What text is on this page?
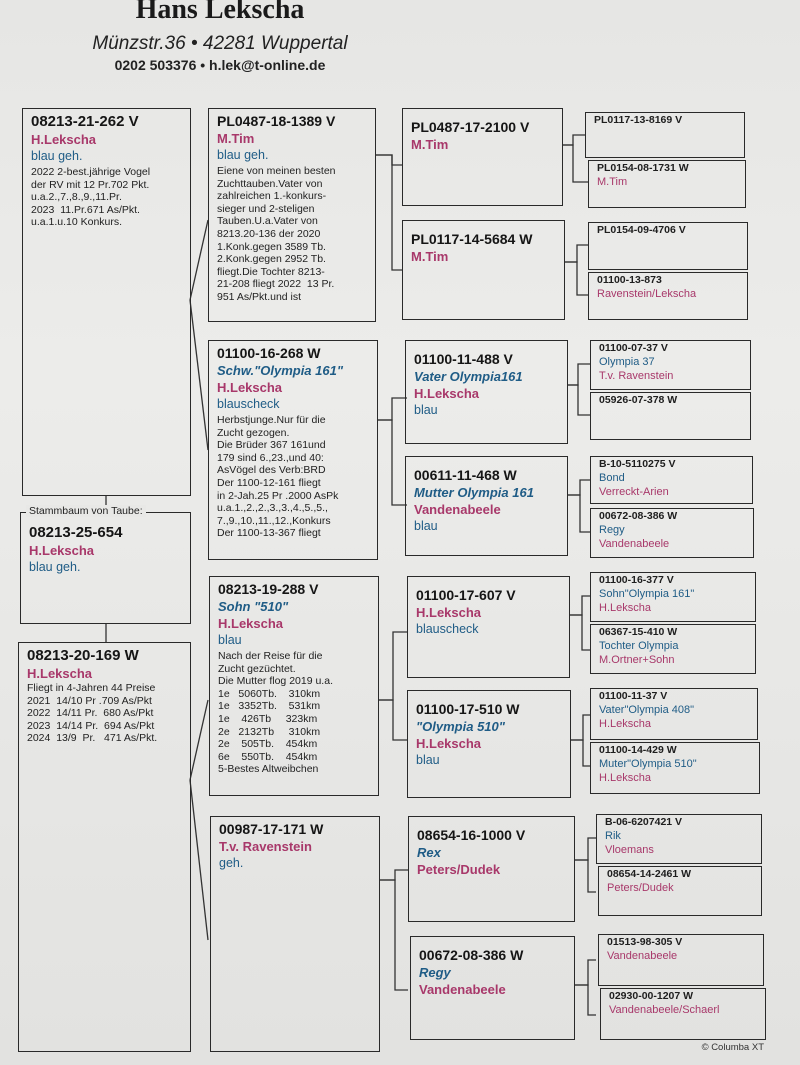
Hans Lekscha
Münzstr.36 • 42281 Wuppertal
0202 503376 • h.lek@t-online.de
08213-21-262 V
H.Lekscha
blau geh.
2022 2-best.jährige Vogel
der RV mit 12 Pr.702 Pkt.
u.a.2.,7.,8.,9.,11.Pr.
2023  11.Pr.671 As/Pkt.
u.a.1.u.10 Konkurs.
08213-25-654
H.Lekscha
blau geh.
Stammbaum von Taube:
08213-20-169 W
H.Lekscha
Fliegt in 4-Jahren 44 Preise
2021  14/10 Pr .709 As/Pkt
2022  14/11 Pr.  680 As/Pkt
2023  14/14 Pr.  694 As/Pkt
2024  13/9  Pr.   471 As/Pkt.
PL0487-18-1389 V
M.Tim
blau geh.
Eiene von meinen besten
Zuchttauben.Vater von
zahlreichen 1.-konkurs-
sieger und 2-steligen
Tauben.U.a.Vater von
8213.20-136 der 2020
1.Konk.gegen 3589 Tb.
2.Konk.gegen 2952 Tb.
fliegt.Die Tochter 8213-
21-208 fliegt 2022  13 Pr.
951 As/Pkt.und ist
01100-16-268 W
Schw."Olympia 161"
H.Lekscha
blauscheck
Herbstjunge.Nur für die
Zucht gezogen.
Die Brüder 367 161und
179 sind 6.,23.,und 40:
AsVögel des Verb:BRD
Der 1100-12-161 fliegt
in 2-Jah.25 Pr .2000 AsPk
u.a.1.,2.,2.,3.,3.,4.,5.,5.,
7.,9.,10.,11.,12.,Konkurs
Der 1100-13-367 fliegt
08213-19-288 V
Sohn "510"
H.Lekscha
blau
Nach der Reise für die
Zucht gezüchtet.
Die Mutter flog 2019 u.a.
1e   5060Tb.    310km
1e   3352Tb.    531km
1e    426Tb     323km
2e   2132Tb     310km
2e    505Tb.    454km
6e    550Tb.    454km
5-Bestes Altweibchen
00987-17-171 W
T.v. Ravenstein
geh.
PL0487-17-2100 V
M.Tim
PL0117-14-5684 W
M.Tim
01100-11-488 V
Vater Olympia161
H.Lekscha
blau
00611-11-468 W
Mutter Olympia 161
Vandenabeele
blau
01100-17-607 V
H.Lekscha
blauscheck
01100-17-510 W
"Olympia 510"
H.Lekscha
blau
08654-16-1000 V
Rex
Peters/Dudek
00672-08-386 W
Regy
Vandenabeele
PL0117-13-8169 V
PL0154-08-1731 W
M.Tim
PL0154-09-4706 V
01100-13-873
Ravenstein/Lekscha
01100-07-37 V
Olympia 37
T.v. Ravenstein
05926-07-378 W
B-10-5110275 V
Bond
Verreckt-Arien
00672-08-386 W
Regy
Vandenabeele
01100-16-377 V
Sohn"Olympia 161"
H.Lekscha
06367-15-410 W
Tochter Olympia
M.Ortner+Sohn
01100-11-37 V
Vater"Olympia 408"
H.Lekscha
01100-14-429 W
Muter"Olympia 510"
H.Lekscha
B-06-6207421 V
Rik
Vloemans
08654-14-2461 W
Peters/Dudek
01513-98-305 V
Vandenabeele
02930-00-1207 W
Vandenabeele/Schaerl
© Columba XT
